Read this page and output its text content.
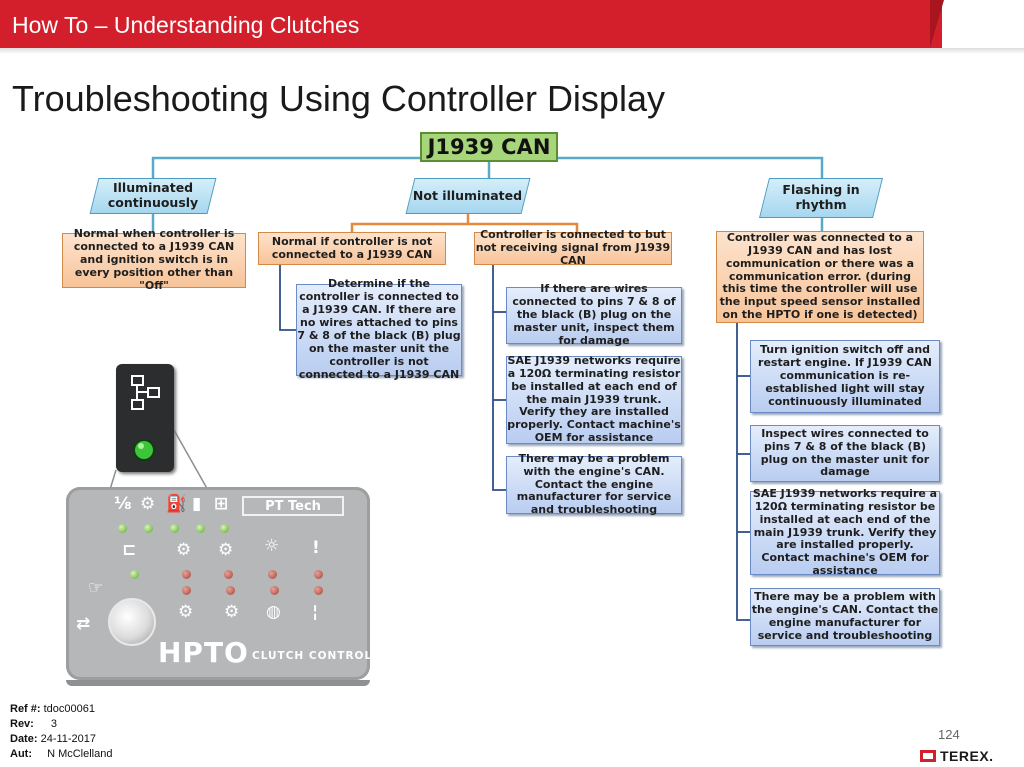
How To – Understanding Clutches
Troubleshooting Using Controller Display
J1939 CAN
Illuminated continuously	Not illuminated	Flashing in rhythm
Normal when controller is connected to a J1939 CAN and ignition switch is in every position other than "Off"
Normal if controller is not connected to a J1939 CAN
Controller is connected to but not receiving signal from J1939 CAN
Controller was connected to a J1939 CAN and has lost communication or there was a communication error. (during this time the controller will use the input speed sensor installed on the HPTO if one is detected)
Determine if the controller is connected to a J1939 CAN. If there are no wires attached to pins 7 & 8 of the black (B) plug on the master unit the controller is not connected to a J1939 CAN
If there are wires connected to pins 7 & 8 of the black (B) plug on the master unit, inspect them for damage
SAE J1939 networks require a 120Ω terminating resistor be installed at each end of the main J1939 trunk. Verify they are installed properly. Contact machine's OEM for assistance
There may be a problem with the engine's CAN. Contact the engine manufacturer for service and troubleshooting
Turn ignition switch off and restart engine. If J1939 CAN communication is re-established light will stay continuously illuminated
Inspect wires connected to pins 7 & 8 of the black (B) plug on the master unit for damage
SAE J1939 networks require a 120Ω terminating resistor be installed at each end of the main J1939 trunk. Verify they are installed properly. Contact machine's OEM for assistance
There may be a problem with the engine's CAN. Contact the engine manufacturer for service and troubleshooting
PT Tech
⅛ ⚙ ⛽ ▮ ⊞
⊏ ⚙ ⚙ ☼ !
⚙ ⚙ ◍ ¦
☞
⇄
HPTO CLUTCH CONTROLLER
Ref #: tdoc00061
Rev: 3
Date: 24-11-2017
Aut: N McClelland
124
TEREX.
